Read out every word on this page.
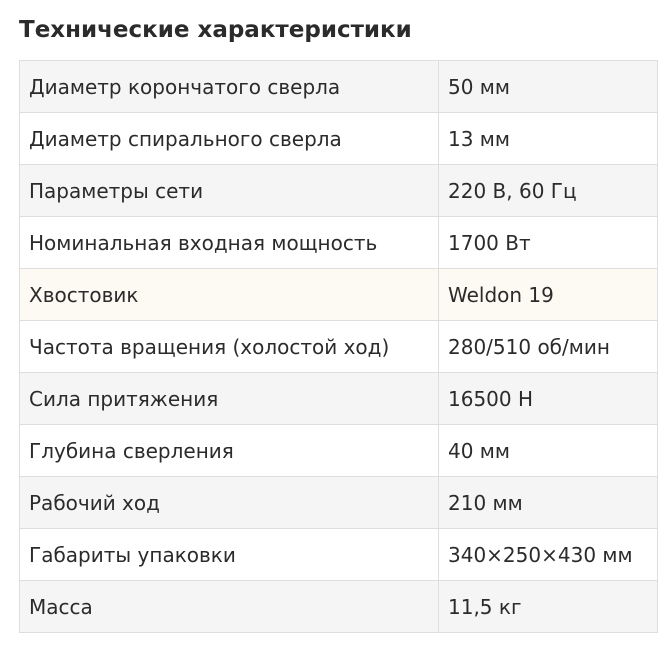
Технические характеристики
Диаметр корончатого сверла	50 мм
Диаметр спирального сверла	13 мм
Параметры сети	220 В, 60 Гц
Номинальная входная мощность	1700 Вт
Хвостовик	Weldon 19
Частота вращения (холостой ход)	280/510 об/мин
Сила притяжения	16500 Н
Глубина сверления	40 мм
Рабочий ход	210 мм
Габариты упаковки	340×250×430 мм
Масса	11,5 кг
